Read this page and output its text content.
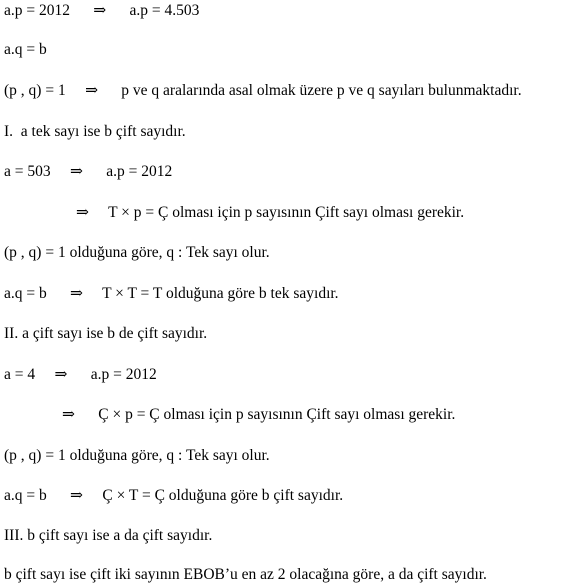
a.p = 2012      ⇒      a.p = 4.503
a.q = b
(p , q) = 1     ⇒      p ve q aralarında asal olmak üzere p ve q sayıları bulunmaktadır.
I.  a tek sayı ise b çift sayıdır.
a = 503     ⇒      a.p = 2012
⇒     T × p = Ç olması için p sayısının Çift sayı olması gerekir.
(p , q) = 1 olduğuna göre, q : Tek sayı olur.
a.q = b      ⇒     T × T = T olduğuna göre b tek sayıdır.
II. a çift sayı ise b de çift sayıdır.
a = 4     ⇒      a.p = 2012
⇒      Ç × p = Ç olması için p sayısının Çift sayı olması gerekir.
(p , q) = 1 olduğuna göre, q : Tek sayı olur.
a.q = b      ⇒     Ç × T = Ç olduğuna göre b çift sayıdır.
III. b çift sayı ise a da çift sayıdır.
b çift sayı ise çift iki sayının EBOB’u en az 2 olacağına göre, a da çift sayıdır.
